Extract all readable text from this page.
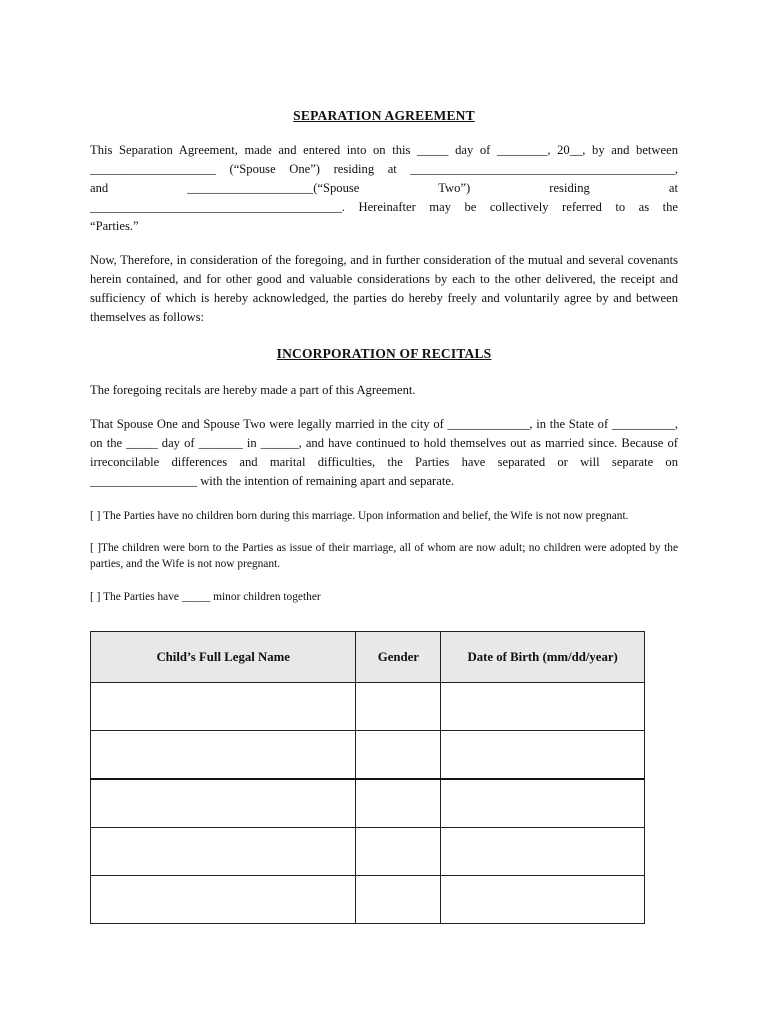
SEPARATION AGREEMENT
This Separation Agreement, made and entered into on this _____ day of ________, 20__, by and between
____________________ (“Spouse One”) residing at __________________________________________,
and ____________________(“Spouse Two”) residing at
________________________________________. Hereinafter may be collectively referred to as the
“Parties.”
Now, Therefore, in consideration of the foregoing, and in further consideration of the mutual and several covenants herein contained, and for other good and valuable considerations by each to the other delivered, the receipt and sufficiency of which is hereby acknowledged, the parties do hereby freely and voluntarily agree by and between themselves as follows:
INCORPORATION OF RECITALS
The foregoing recitals are hereby made a part of this Agreement.
That Spouse One and Spouse Two were legally married in the city of _____________, in the State of __________, on the _____ day of _______ in ______, and have continued to hold themselves out as married since. Because of irreconcilable differences and marital difficulties, the Parties have separated or will separate on _________________ with the intention of remaining apart and separate.
[ ] The Parties have no children born during this marriage. Upon information and belief, the Wife is not now pregnant.
[ ]The children were born to the Parties as issue of their marriage, all of whom are now adult; no children were adopted by the parties, and the Wife is not now pregnant.
[ ] The Parties have _____ minor children together
Child’s Full Legal Name	Gender	Date of Birth (mm/dd/year)
